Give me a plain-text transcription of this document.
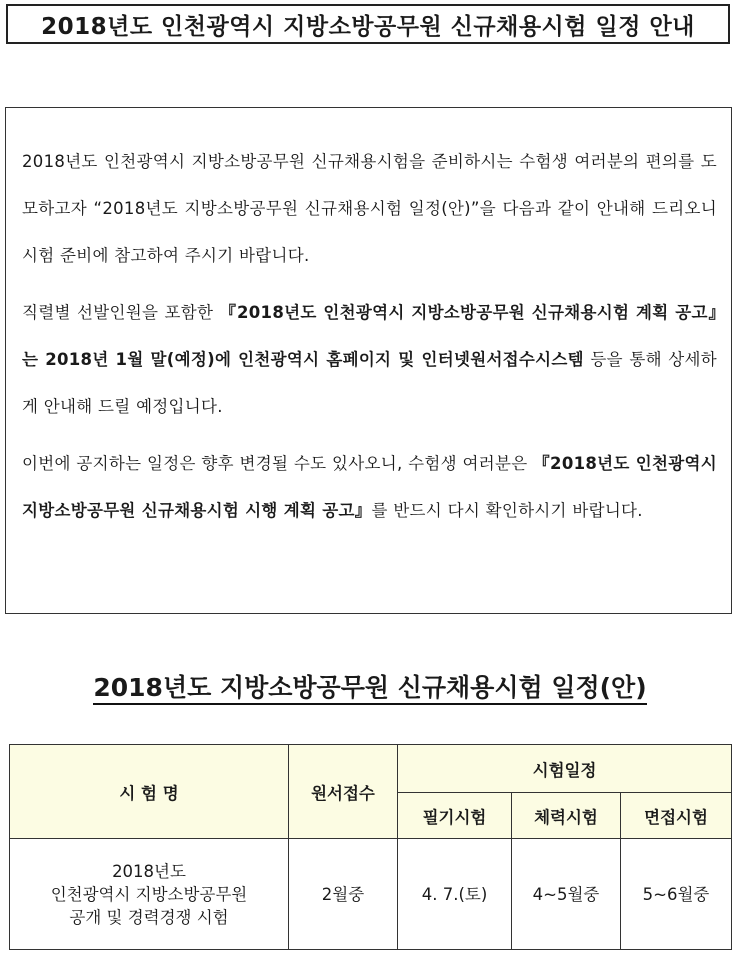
2018년도 인천광역시 지방소방공무원 신규채용시험 일정 안내

2018년도 인천광역시 지방소방공무원 신규채용시험을 준비하시는 수험생 여러분의 편의를 도모하고자 “2018년도 지방소방공무원 신규채용시험 일정(안)”을 다음과 같이 안내해 드리오니 시험 준비에 참고하여 주시기 바랍니다.

직렬별 선발인원을 포함한 『2018년도 인천광역시 지방소방공무원 신규채용시험 계획 공고』는 2018년 1월 말(예정)에 인천광역시 홈페이지 및 인터넷원서접수시스템 등을 통해 상세하게 안내해 드릴 예정입니다.

이번에 공지하는 일정은 향후 변경될 수도 있사오니, 수험생 여러분은 『2018년도 인천광역시 지방소방공무원 신규채용시험 시행 계획 공고』를 반드시 다시 확인하시기 바랍니다.

2018년도 지방소방공무원 신규채용시험 일정(안)
시 험 명	원서접수	시험일정		
		필기시험	체력시험	면접시험

2018년도
인천광역시 지방소방공무원
공개 및 경력경쟁 시험	2월중	4. 7.(토)	4~5월중	5~6월중
